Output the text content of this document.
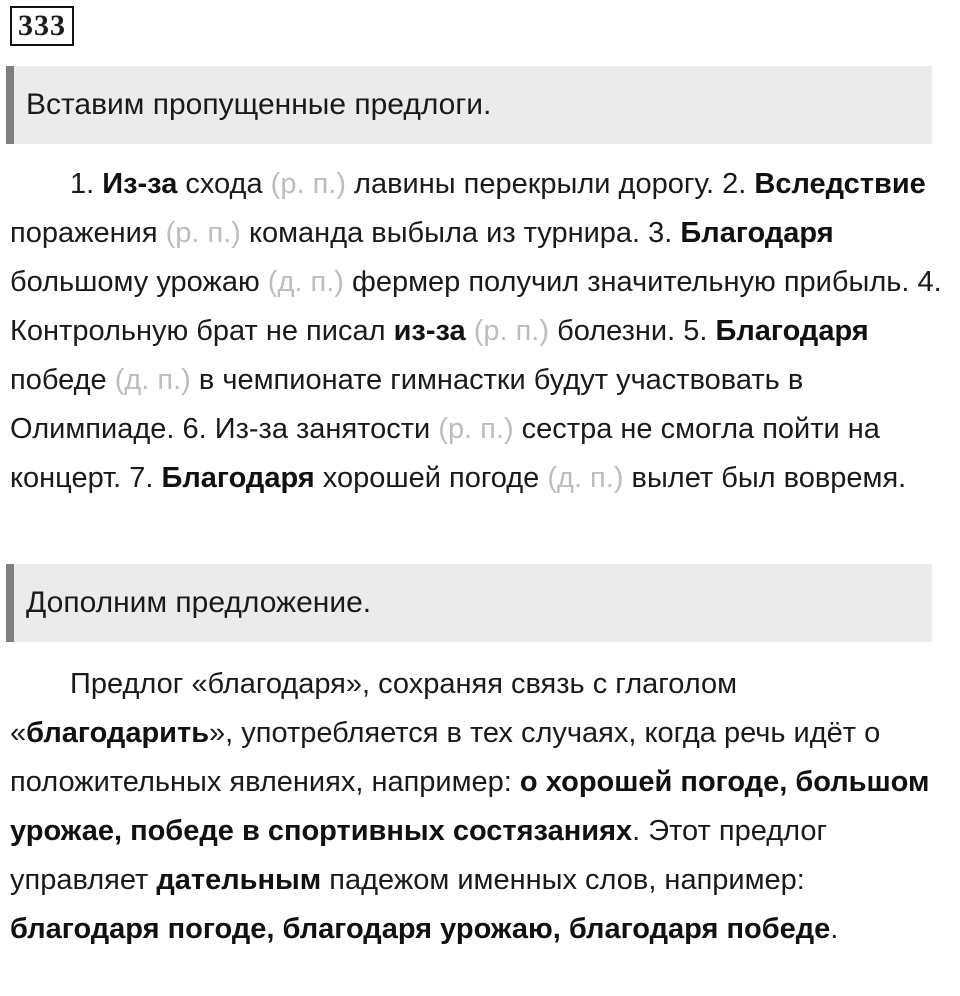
333
Вставим пропущенные предлоги.

1. Из-за схода (р. п.) лавины перекрыли дорогу. 2. Вследствие поражения (р. п.) команда выбыла из турнира. 3. Благодаря большому урожаю (д. п.) фермер получил значительную прибыль. 4. Контрольную брат не писал из-за (р. п.) болезни. 5. Благодаря победе (д. п.) в чемпионате гимнастки будут участвовать в Олимпиаде. 6. Из-за занятости (р. п.) сестра не смогла пойти на концерт. 7. Благодаря хорошей погоде (д. п.) вылет был вовремя.

Дополним предложение.

Предлог «благодаря», сохраняя связь с глаголом «благодарить», употребляется в тех случаях, когда речь идёт о положительных явлениях, например: о хорошей погоде, большом урожае, победе в спортивных состязаниях. Этот предлог управляет дательным падежом именных слов, например: благодаря погоде, благодаря урожаю, благодаря победе.
